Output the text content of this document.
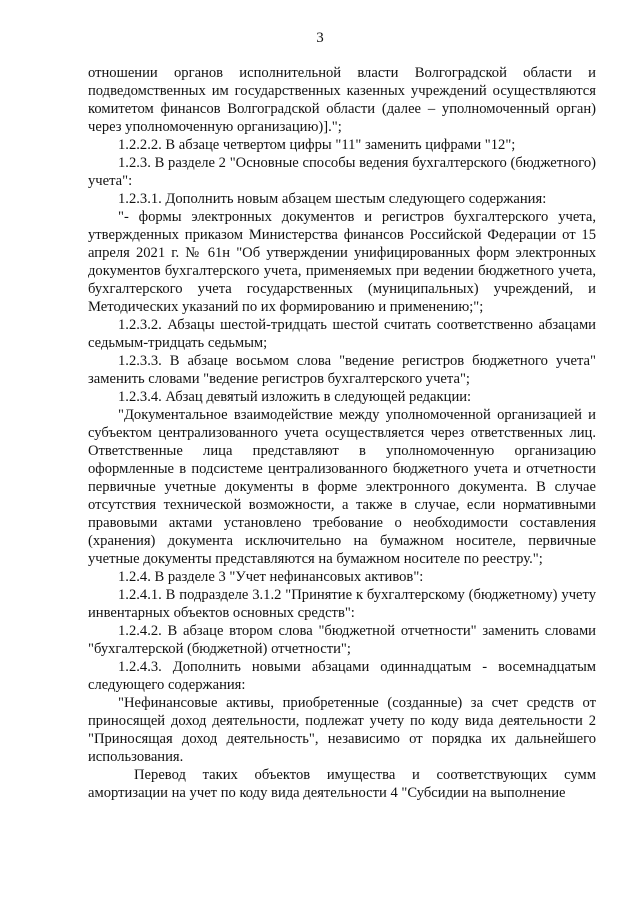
3

отношении органов исполнительной власти Волгоградской области и подведомственных им государственных казенных учреждений осуществляются комитетом финансов Волгоградской области (далее – уполномоченный орган) через уполномоченную организацию)].";

1.2.2.2. В абзаце четвертом цифры "11" заменить цифрами "12";

1.2.3. В разделе 2 "Основные способы ведения бухгалтерского (бюджетного) учета":

1.2.3.1. Дополнить новым абзацем шестым следующего содержания:

"- формы электронных документов и регистров бухгалтерского учета, утвержденных приказом Министерства финансов Российской Федерации от 15 апреля 2021 г. № 61н "Об утверждении унифицированных форм электронных документов бухгалтерского учета, применяемых при ведении бюджетного учета, бухгалтерского учета государственных (муниципальных) учреждений, и Методических указаний по их формированию и применению;";

1.2.3.2. Абзацы шестой-тридцать шестой считать соответственно абзацами седьмым-тридцать седьмым;

1.2.3.3. В абзаце восьмом слова "ведение регистров бюджетного учета" заменить словами "ведение регистров бухгалтерского учета";

1.2.3.4. Абзац девятый изложить в следующей редакции:

"Документальное взаимодействие между уполномоченной организацией и субъектом централизованного учета осуществляется через ответственных лиц. Ответственные лица представляют в уполномоченную организацию оформленные в подсистеме централизованного бюджетного учета и отчетности первичные учетные документы в форме электронного документа. В случае отсутствия технической возможности, а также в случае, если нормативными правовыми актами установлено требование о необходимости составления (хранения) документа исключительно на бумажном носителе, первичные учетные документы представляются на бумажном носителе по реестру.";

1.2.4. В разделе 3 "Учет нефинансовых активов":

1.2.4.1. В подразделе 3.1.2 "Принятие к бухгалтерскому (бюджетному) учету инвентарных объектов основных средств":

1.2.4.2. В абзаце втором слова "бюджетной отчетности" заменить словами "бухгалтерской (бюджетной) отчетности";

1.2.4.3. Дополнить новыми абзацами одиннадцатым - восемнадцатым следующего содержания:

"Нефинансовые активы, приобретенные (созданные) за счет средств от приносящей доход деятельности, подлежат учету по коду вида деятельности 2 "Приносящая доход деятельность", независимо от порядка их дальнейшего использования.

Перевод таких объектов имущества и соответствующих сумм амортизации на учет по коду вида деятельности 4 "Субсидии на выполнение
